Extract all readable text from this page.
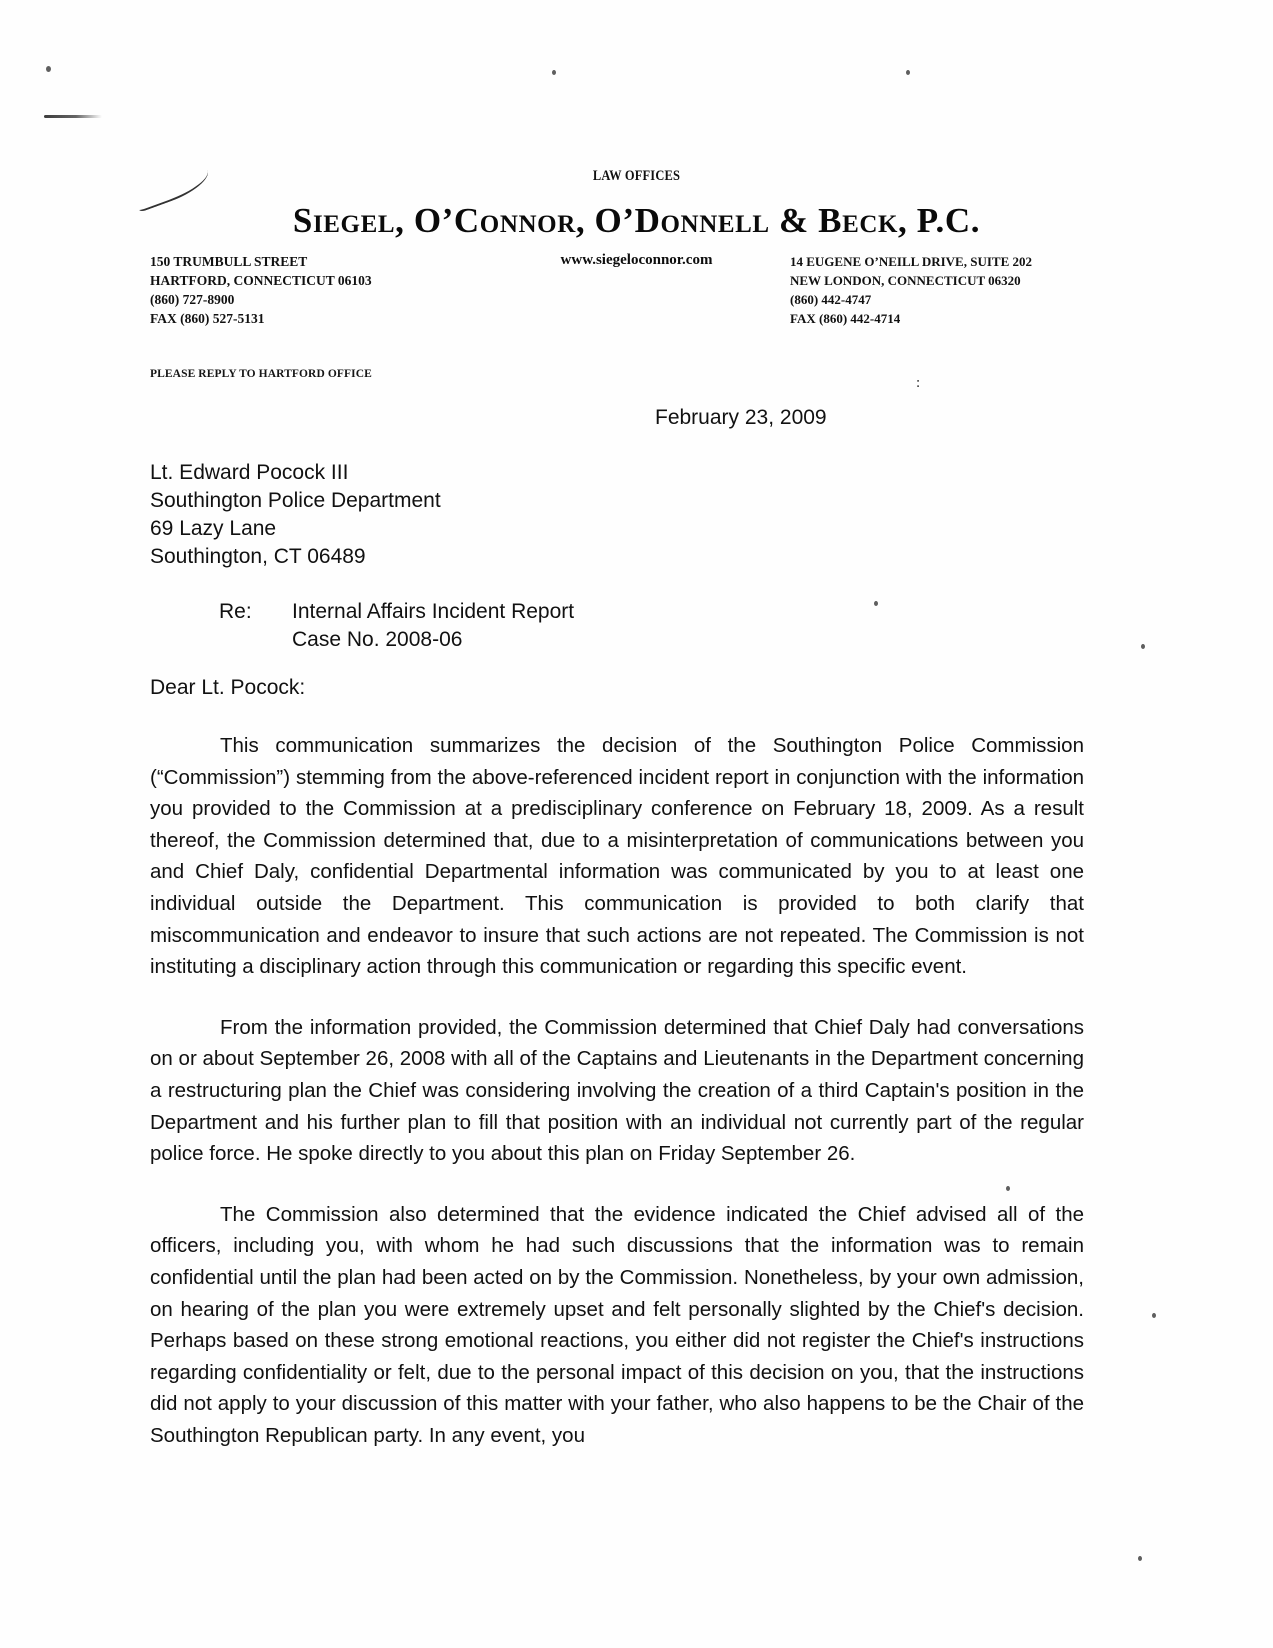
:
LAW OFFICES
Siegel, O’Connor, O’Donnell & Beck, P.C.
150 TRUMBULL STREET
HARTFORD, CONNECTICUT 06103
(860) 727-8900
FAX (860) 527-5131
www.siegeloconnor.com	14 EUGENE O’NEILL DRIVE, SUITE 202
NEW LONDON, CONNECTICUT 06320
(860) 442-4747
FAX (860) 442-4714
PLEASE REPLY TO HARTFORD OFFICE
February 23, 2009
Lt. Edward Pocock III
Southington Police Department
69 Lazy Lane
Southington, CT 06489
Re:	Internal Affairs Incident Report
Case No. 2008-06
Dear Lt. Pocock:

This communication summarizes the decision of the Southington Police Commission (“Commission”) stemming from the above-referenced incident report in conjunction with the information you provided to the Commission at a predisciplinary conference on February 18, 2009. As a result thereof, the Commission determined that, due to a misinterpretation of communications between you and Chief Daly, confidential Departmental information was communicated by you to at least one individual outside the Department. This communication is provided to both clarify that miscommunication and endeavor to insure that such actions are not repeated. The Commission is not instituting a disciplinary action through this communication or regarding this specific event.

From the information provided, the Commission determined that Chief Daly had conversations on or about September 26, 2008 with all of the Captains and Lieutenants in the Department concerning a restructuring plan the Chief was considering involving the creation of a third Captain's position in the Department and his further plan to fill that position with an individual not currently part of the regular police force. He spoke directly to you about this plan on Friday September 26.

The Commission also determined that the evidence indicated the Chief advised all of the officers, including you, with whom he had such discussions that the information was to remain confidential until the plan had been acted on by the Commission. Nonetheless, by your own admission, on hearing of the plan you were extremely upset and felt personally slighted by the Chief's decision. Perhaps based on these strong emotional reactions, you either did not register the Chief's instructions regarding confidentiality or felt, due to the personal impact of this decision on you, that the instructions did not apply to your discussion of this matter with your father, who also happens to be the Chair of the Southington Republican party. In any event, you
